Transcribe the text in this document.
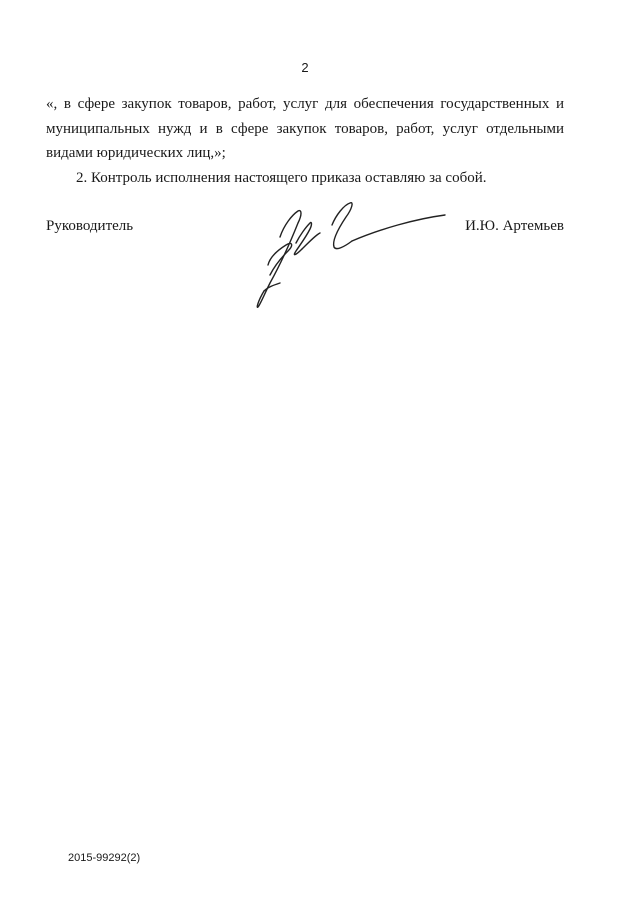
2

«, в сфере закупок товаров, работ, услуг для обеспечения государственных и муниципальных нужд и в сфере закупок товаров, работ, услуг отдельными видами юридических лиц,»;

2. Контроль исполнения настоящего приказа оставляю за собой.

Руководитель	И.Ю. Артемьев
2015-99292(2)
